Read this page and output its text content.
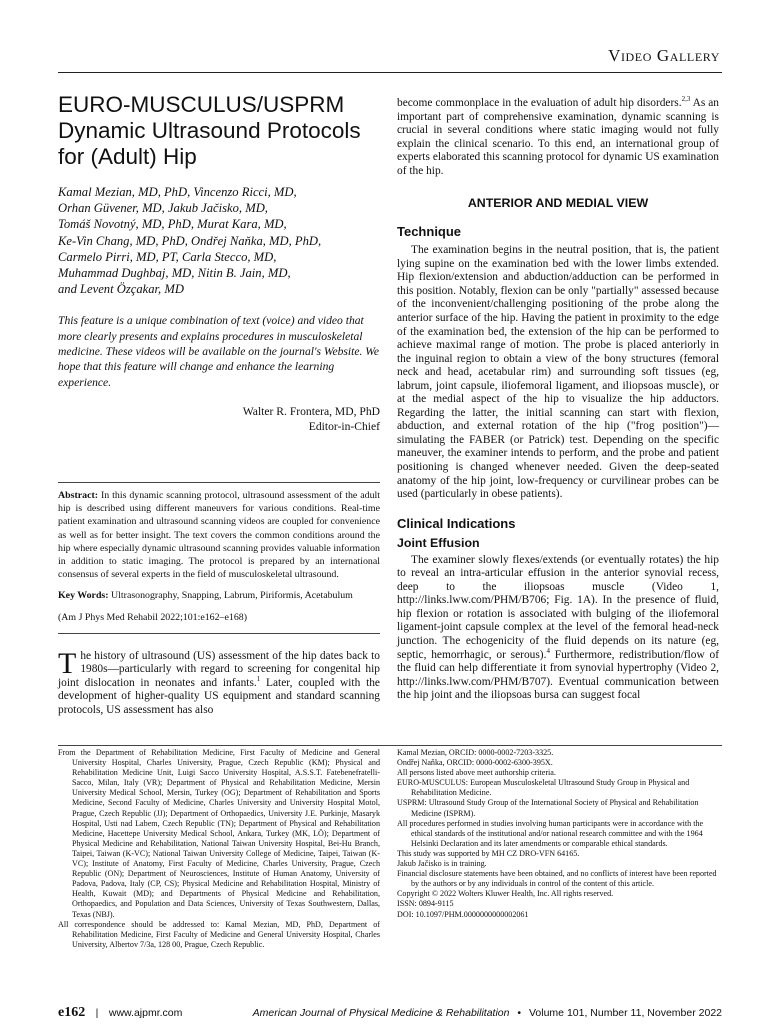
Video Gallery
EURO-MUSCULUS/USPRM
Dynamic Ultrasound Protocols
for (Adult) Hip
Kamal Mezian, MD, PhD, Vincenzo Ricci, MD,
Orhan Güvener, MD, Jakub Jačisko, MD,
Tomáš Novotný, MD, PhD, Murat Kara, MD,
Ke-Vin Chang, MD, PhD, Ondřej Naňka, MD, PhD,
Carmelo Pirri, MD, PT, Carla Stecco, MD,
Muhammad Dughbaj, MD, Nitin B. Jain, MD,
and Levent Özçakar, MD
This feature is a unique combination of text (voice) and video that more clearly presents and explains procedures in musculoskeletal medicine. These videos will be available on the journal's Website. We hope that this feature will change and enhance the learning experience.
Walter R. Frontera, MD, PhD
Editor-in-Chief
Abstract: In this dynamic scanning protocol, ultrasound assessment of the adult hip is described using different maneuvers for various conditions. Real-time patient examination and ultrasound scanning videos are coupled for convenience as well as for better insight. The text covers the common conditions around the hip where especially dynamic ultrasound scanning provides valuable information in addition to static imaging. The protocol is prepared by an international consensus of several experts in the field of musculoskeletal ultrasound.
Key Words: Ultrasonography, Snapping, Labrum, Piriformis, Acetabulum
(Am J Phys Med Rehabil 2022;101:e162–e168)

The history of ultrasound (US) assessment of the hip dates back to 1980s—particularly with regard to screening for congenital hip joint dislocation in neonates and infants.$^1$ Later, coupled with the development of higher-quality US equipment and standard scanning protocols, US assessment has also

become commonplace in the evaluation of adult hip disorders.$^{2,3}$ As an important part of comprehensive examination, dynamic scanning is crucial in several conditions where static imaging would not fully explain the clinical scenario. To this end, an international group of experts elaborated this scanning protocol for dynamic US examination of the hip.

ANTERIOR AND MEDIAL VIEW
Technique

The examination begins in the neutral position, that is, the patient lying supine on the examination bed with the lower limbs extended. Hip flexion/extension and abduction/adduction can be performed in this position. Notably, flexion can be only "partially" assessed because of the inconvenient/challenging positioning of the probe along the anterior surface of the hip. Having the patient in proximity to the edge of the examination bed, the extension of the hip can be performed to achieve maximal range of motion. The probe is placed anteriorly in the inguinal region to obtain a view of the bony structures (femoral neck and head, acetabular rim) and surrounding soft tissues (eg, labrum, joint capsule, iliofemoral ligament, and iliopsoas muscle), or at the medial aspect of the hip to visualize the hip adductors. Regarding the latter, the initial scanning can start with flexion, abduction, and external rotation of the hip ("frog position")—simulating the FABER (or Patrick) test. Depending on the specific maneuver, the examiner intends to perform, and the probe and patient positioning is changed whenever needed. Given the deep-seated anatomy of the hip joint, low-frequency or curvilinear probes can be used (particularly in obese patients).

Clinical Indications
Joint Effusion

The examiner slowly flexes/extends (or eventually rotates) the hip to reveal an intra-articular effusion in the anterior synovial recess, deep to the iliopsoas muscle (Video 1, http://links.lww.com/PHM/B706; Fig. 1A). In the presence of fluid, hip flexion or rotation is associated with bulging of the iliofemoral ligament-joint capsule complex at the level of the femoral head-neck junction. The echogenicity of the fluid depends on its nature (eg, septic, hemorrhagic, or serous).$^4$ Furthermore, redistribution/flow of the fluid can help differentiate it from synovial hypertrophy (Video 2, http://links.lww.com/PHM/B707). Eventual communication between the hip joint and the iliopsoas bursa can suggest focal

From the Department of Rehabilitation Medicine, First Faculty of Medicine and General University Hospital, Charles University, Prague, Czech Republic (KM); Physical and Rehabilitation Medicine Unit, Luigi Sacco University Hospital, A.S.S.T. Fatebenefratelli-Sacco, Milan, Italy (VR); Department of Physical and Rehabilitation Medicine, Mersin University Medical School, Mersin, Turkey (OG); Department of Rehabilitation and Sports Medicine, Second Faculty of Medicine, Charles University and University Hospital Motol, Prague, Czech Republic (JJ); Department of Orthopaedics, University J.E. Purkinje, Masaryk Hospital, Usti nad Labem, Czech Republic (TN); Department of Physical and Rehabilitation Medicine, Hacettepe University Medical School, Ankara, Turkey (MK, LÖ); Department of Physical Medicine and Rehabilitation, National Taiwan University Hospital, Bei-Hu Branch, Taipei, Taiwan (K-VC); National Taiwan University College of Medicine, Taipei, Taiwan (K-VC); Institute of Anatomy, First Faculty of Medicine, Charles University, Prague, Czech Republic (ON); Department of Neurosciences, Institute of Human Anatomy, University of Padova, Padova, Italy (CP, CS); Physical Medicine and Rehabilitation Hospital, Ministry of Health, Kuwait (MD); and Departments of Physical Medicine and Rehabilitation, Orthopaedics, and Population and Data Sciences, University of Texas Southwestern, Dallas, Texas (NBJ).
All correspondence should be addressed to: Kamal Mezian, MD, PhD, Department of Rehabilitation Medicine, First Faculty of Medicine and General University Hospital, Charles University, Albertov 7/3a, 128 00, Prague, Czech Republic.
Kamal Mezian, ORCID: 0000-0002-7203-3325.
Ondřej Naňka, ORCID: 0000-0002-6300-395X.
All persons listed above meet authorship criteria.
EURO-MUSCULUS: European Musculoskeletal Ultrasound Study Group in Physical and Rehabilitation Medicine.
USPRM: Ultrasound Study Group of the International Society of Physical and Rehabilitation Medicine (ISPRM).
All procedures performed in studies involving human participants were in accordance with the ethical standards of the institutional and/or national research committee and with the 1964 Helsinki Declaration and its later amendments or comparable ethical standards.
This study was supported by MH CZ DRO-VFN 64165.
Jakub Jačisko is in training.
Financial disclosure statements have been obtained, and no conflicts of interest have been reported by the authors or by any individuals in control of the content of this article.
Copyright © 2022 Wolters Kluwer Health, Inc. All rights reserved.
ISSN: 0894-9115
DOI: 10.1097/PHM.0000000000002061
e162 | www.ajpmr.com	American Journal of Physical Medicine & Rehabilitation • Volume 101, Number 11, November 2022
